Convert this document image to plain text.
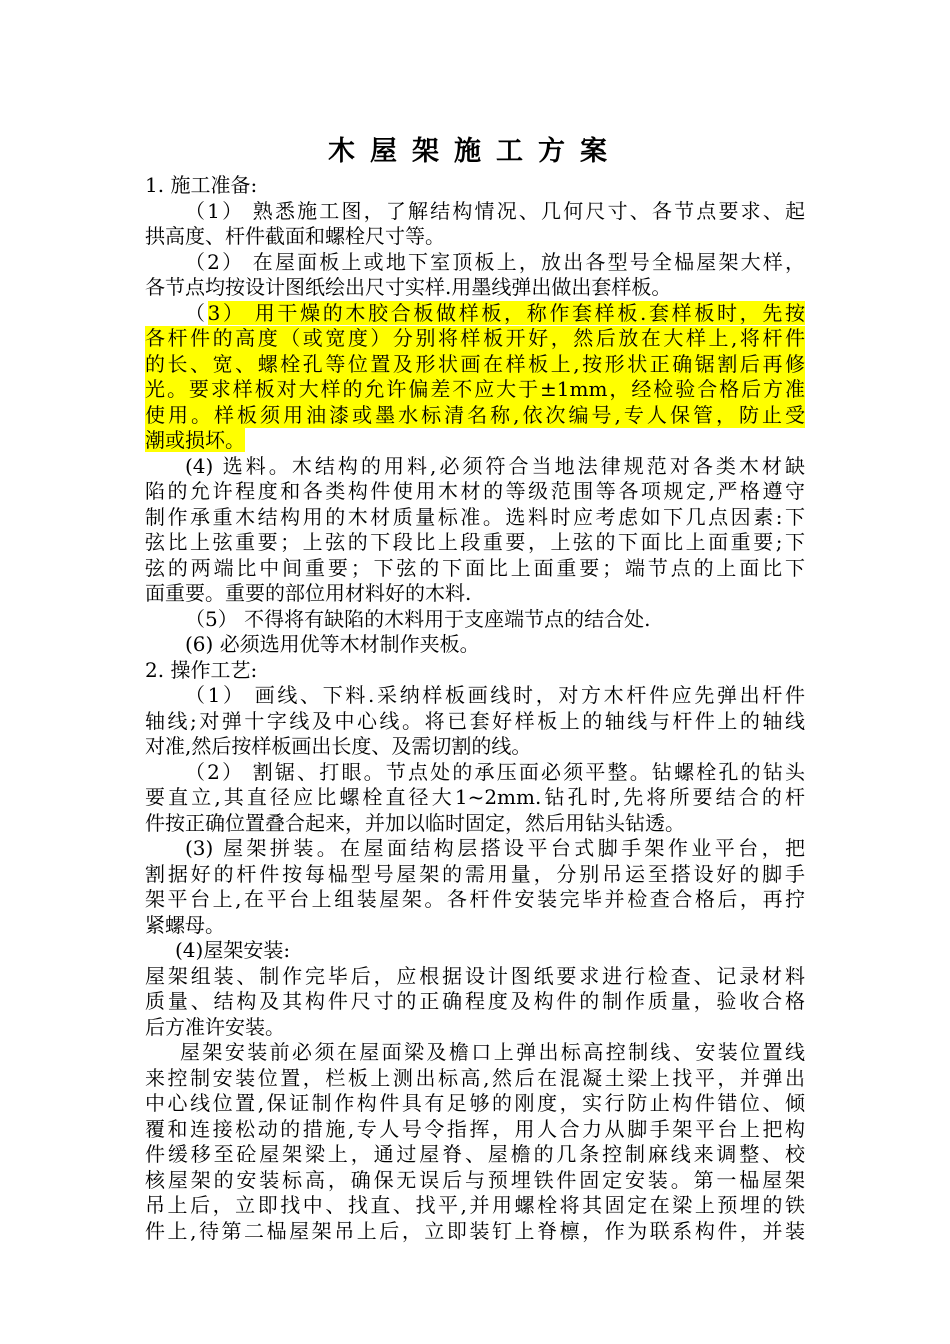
木屋架施工方案
1. 施工准备:
（1） 熟悉施工图，了解结构情况、几何尺寸、各节点要求、起
拱高度、杆件截面和螺栓尺寸等。
（2） 在屋面板上或地下室顶板上，放出各型号全榀屋架大样，
各节点均按设计图纸绘出尺寸实样.用墨线弹出做出套样板。
（3） 用干燥的木胶合板做样板，称作套样板.套样板时，先按
各杆件的高度（或宽度）分别将样板开好，然后放在大样上,将杆件
的长、宽、螺栓孔等位置及形状画在样板上,按形状正确锯割后再修
光。要求样板对大样的允许偏差不应大于±1mm，经检验合格后方准
使用。样板须用油漆或墨水标清名称,依次编号,专人保管，防止受
潮或损坏。
(4) 选料。木结构的用料,必须符合当地法律规范对各类木材缺
陷的允许程度和各类构件使用木材的等级范围等各项规定,严格遵守
制作承重木结构用的木材质量标准。选料时应考虑如下几点因素:下
弦比上弦重要；上弦的下段比上段重要，上弦的下面比上面重要;下
弦的两端比中间重要；下弦的下面比上面重要；端节点的上面比下
面重要。重要的部位用材料好的木料.
（5） 不得将有缺陷的木料用于支座端节点的结合处.
(6) 必须选用优等木材制作夹板。
2. 操作工艺:
（1） 画线、下料.采纳样板画线时，对方木杆件应先弹出杆件
轴线;对弹十字线及中心线。将已套好样板上的轴线与杆件上的轴线
对准,然后按样板画出长度、及需切割的线。
（2） 割锯、打眼。节点处的承压面必须平整。钻螺栓孔的钻头
要直立,其直径应比螺栓直径大1~2mm.钻孔时,先将所要结合的杆
件按正确位置叠合起来，并加以临时固定，然后用钻头钻透。
(3) 屋架拼装。在屋面结构层搭设平台式脚手架作业平台，把
割据好的杆件按每榀型号屋架的需用量，分别吊运至搭设好的脚手
架平台上,在平台上组装屋架。各杆件安装完毕并检查合格后，再拧
紧螺母。
(4)屋架安装:
屋架组装、制作完毕后，应根据设计图纸要求进行检查、记录材料
质量、结构及其构件尺寸的正确程度及构件的制作质量，验收合格
后方准许安装。
屋架安装前必须在屋面梁及檐口上弹出标高控制线、安装位置线
来控制安装位置，栏板上测出标高,然后在混凝土梁上找平，并弹出
中心线位置,保证制作构件具有足够的刚度，实行防止构件错位、倾
覆和连接松动的措施,专人号令指挥，用人合力从脚手架平台上把构
件缓移至砼屋架梁上，通过屋脊、屋檐的几条控制麻线来调整、校
核屋架的安装标高，确保无误后与预埋铁件固定安装。第一榀屋架
吊上后，立即找中、找直、找平,并用螺栓将其固定在梁上预埋的铁
件上,待第二榀屋架吊上后，立即装钉上脊檩，作为联系构件，并装
